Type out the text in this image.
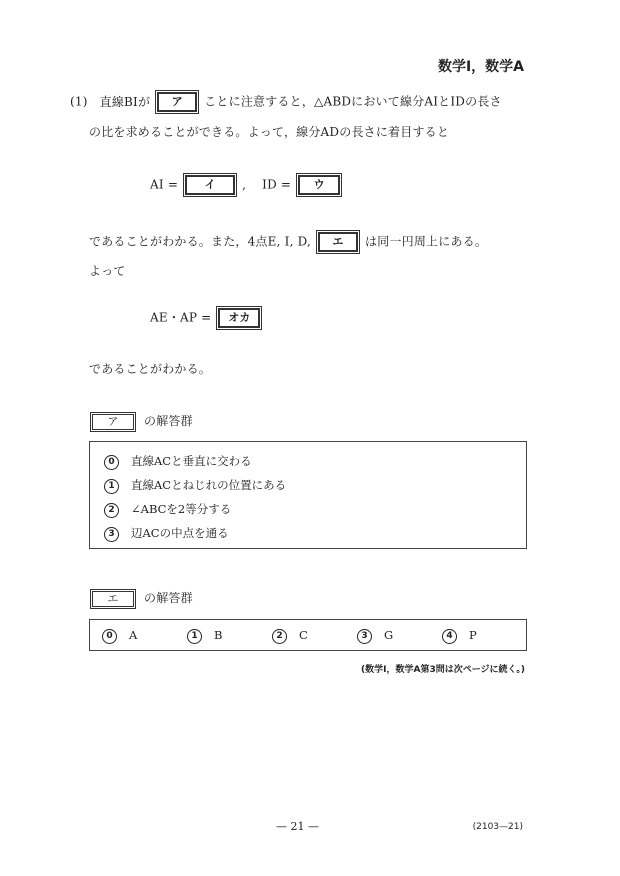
数学Ⅰ，数学A
(1) 直線BIが ア ことに注意すると，△ABDにおいて線分AIとIDの長さ
の比を求めることができる。よって，線分ADの長さに着目すると
AI = イ , ID = ウ
であることがわかる。また，4点E, I, D, エ は同一円周上にある。
よって
AE・AP = オカ
であることがわかる。
ア の解答群
0 直線ACと垂直に交わる
1 直線ACとねじれの位置にある
2 ∠ABCを2等分する
3 辺ACの中点を通る
エ の解答群
0 A	1 B	2 C	3 G	4 P
(数学Ⅰ，数学A第3問は次ページに続く。)
— 21 —	(2103—21)
